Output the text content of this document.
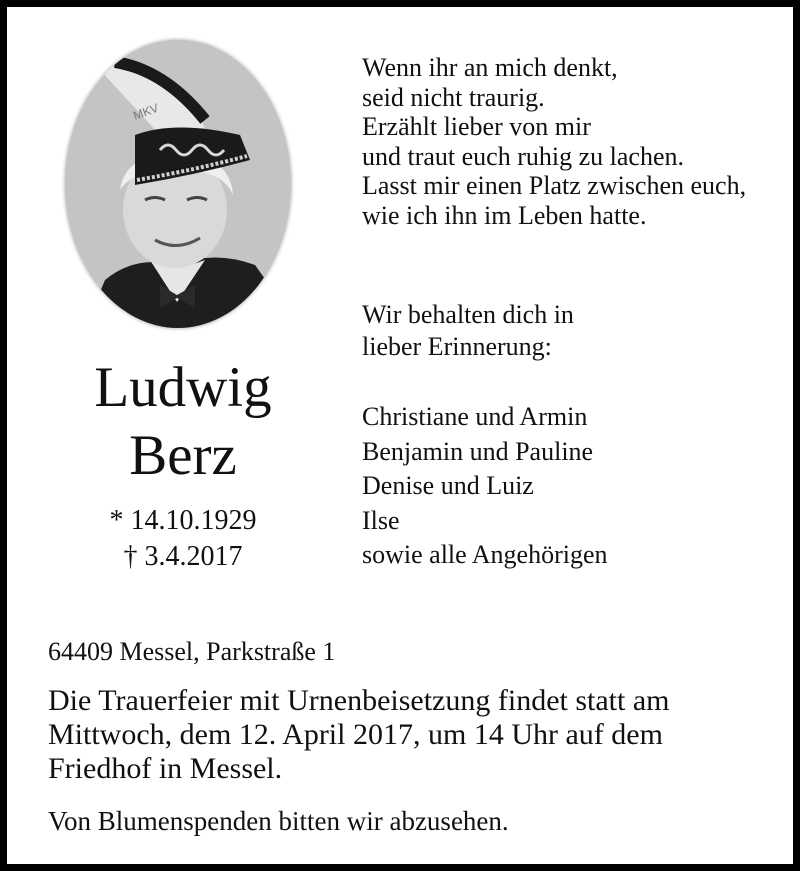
MKV
Ludwig
Berz
* 14.10.1929
† 3.4.2017
Wenn ihr an mich denkt,
seid nicht traurig.
Erzählt lieber von mir
und traut euch ruhig zu lachen.
Lasst mir einen Platz zwischen euch,
wie ich ihn im Leben hatte.
Wir behalten dich in
lieber Erinnerung:
Christiane und Armin
Benjamin und Pauline
Denise und Luiz
Ilse
sowie alle Angehörigen
64409 Messel, Parkstraße 1
Die Trauerfeier mit Urnenbeisetzung findet statt am
Mittwoch, dem 12. April 2017, um 14 Uhr auf dem
Friedhof in Messel.
Von Blumenspenden bitten wir abzusehen.
